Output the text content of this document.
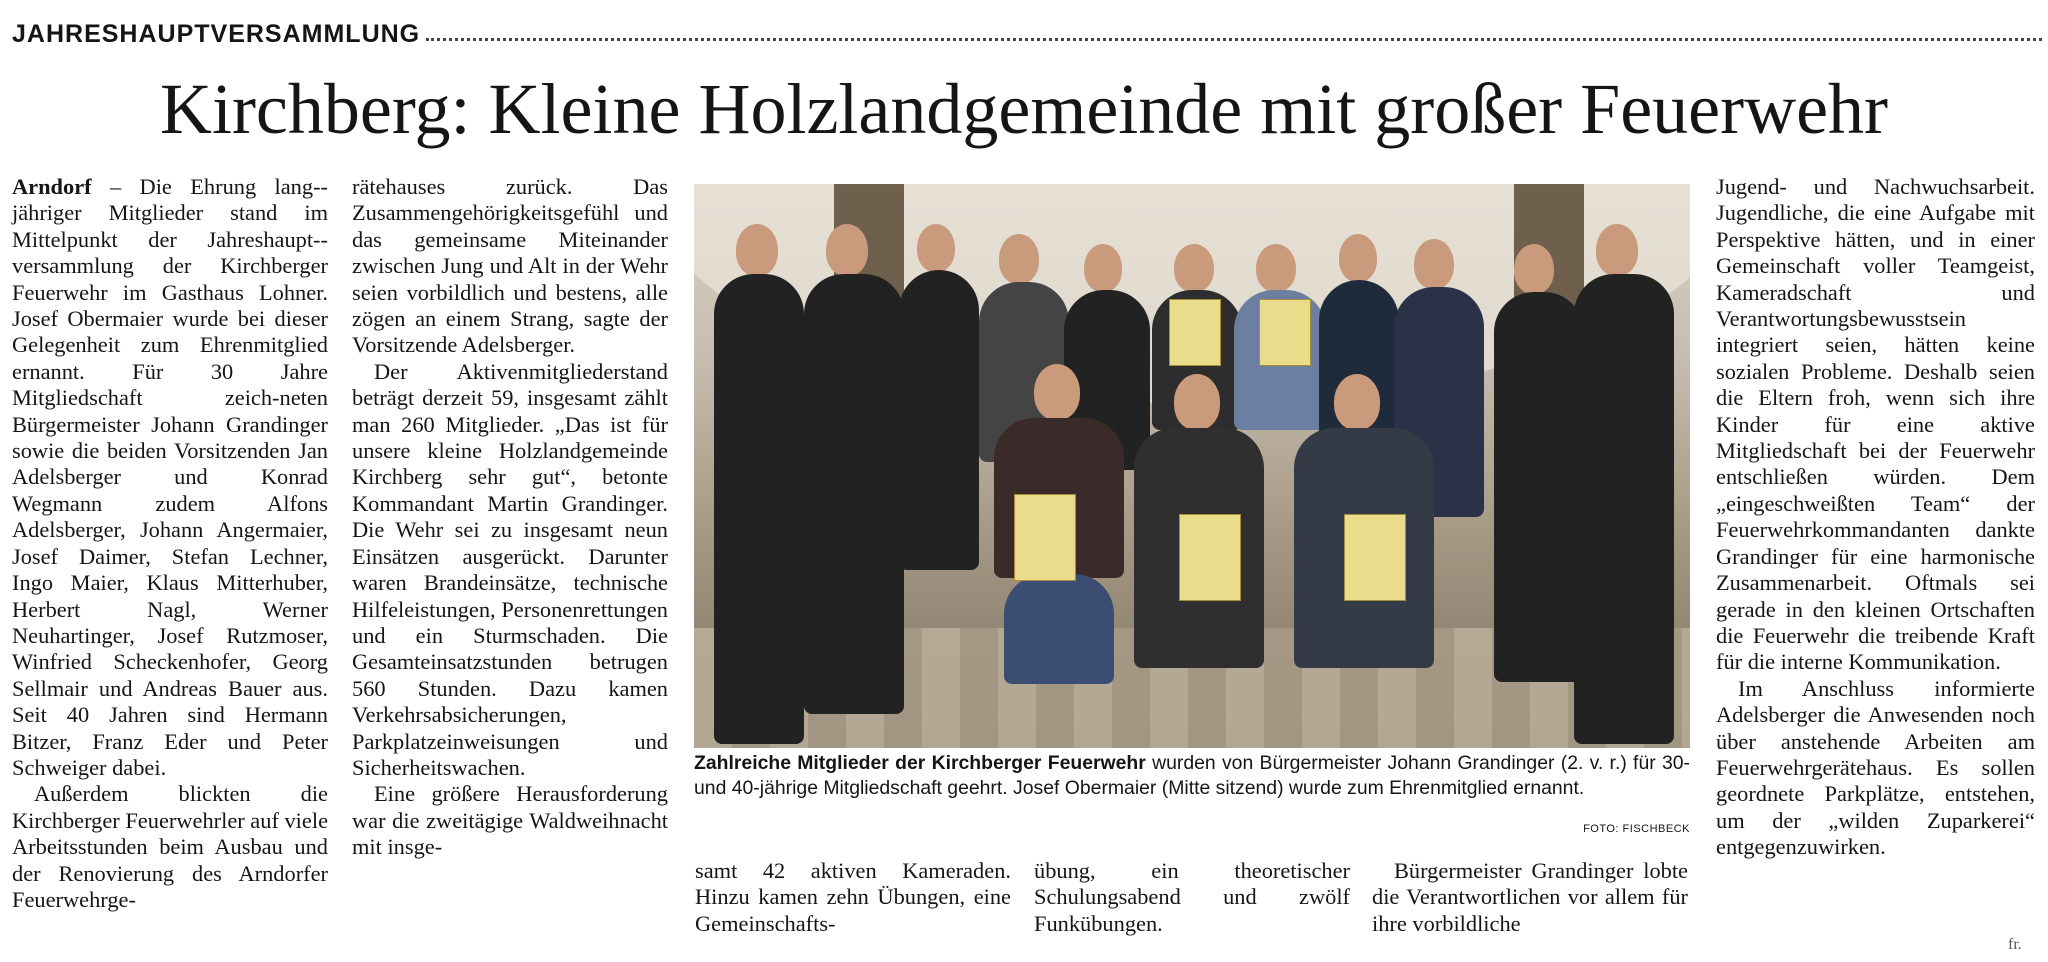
JAHRESHAUPTVERSAMMLUNG
Kirchberg: Kleine Holzlandgemeinde mit großer Feuerwehr

Arndorf – Die Ehrung lang-jähriger Mitglieder stand im Mittelpunkt der Jahreshaupt-versammlung der Kirchberger Feuerwehr im Gasthaus Lohner. Josef Obermaier wurde bei dieser Gelegenheit zum Ehrenmitglied ernannt. Für 30 Jahre Mitgliedschaft zeich-neten Bürgermeister Johann Grandinger sowie die beiden Vorsitzenden Jan Adelsberger und Konrad Wegmann zudem Alfons Adelsberger, Johann Angermaier, Josef Daimer, Stefan Lechner, Ingo Maier, Klaus Mitterhuber, Herbert Nagl, Werner Neuhartinger, Josef Rutzmoser, Winfried Scheckenhofer, Georg Sellmair und Andreas Bauer aus. Seit 40 Jahren sind Hermann Bitzer, Franz Eder und Peter Schweiger dabei.

Außerdem blickten die Kirchberger Feuerwehrler auf viele Arbeitsstunden beim Ausbau und der Renovierung des Arndorfer Feuerwehrge-

rätehauses zurück. Das Zusammengehörigkeitsgefühl und das gemeinsame Miteinander zwischen Jung und Alt in der Wehr seien vorbildlich und bestens, alle zögen an einem Strang, sagte der Vorsitzende Adelsberger.

Der Aktivenmitgliederstand beträgt derzeit 59, insgesamt zählt man 260 Mitglieder. „Das ist für unsere kleine Holzlandgemeinde Kirchberg sehr gut“, betonte Kommandant Martin Grandinger. Die Wehr sei zu insgesamt neun Einsätzen ausgerückt. Darunter waren Brandeinsätze, technische Hilfeleistungen, Personenrettungen und ein Sturmschaden. Die Gesamteinsatzstunden betrugen 560 Stunden. Dazu kamen Verkehrsabsicherungen, Parkplatzeinweisungen und Sicherheitswachen.

Eine größere Herausforderung war die zweitägige Waldweihnacht mit insge-

Zahlreiche Mitglieder der Kirchberger Feuerwehr wurden von Bürgermeister Johann Grandinger (2. v. r.) für 30- und 40-jährige Mitgliedschaft geehrt. Josef Obermaier (Mitte sitzend) wurde zum Ehrenmitglied ernannt.

FOTO: FISCHBECK

samt 42 aktiven Kameraden. Hinzu kamen zehn Übungen, eine Gemeinschafts-

übung, ein theoretischer Schulungsabend und zwölf Funkübungen.

Bürgermeister Grandinger lobte die Verantwortlichen vor allem für ihre vorbildliche

Jugend- und Nachwuchsarbeit. Jugendliche, die eine Aufgabe mit Perspektive hätten, und in einer Gemeinschaft voller Teamgeist, Kameradschaft und Verantwortungsbewusstsein integriert seien, hätten keine sozialen Probleme. Deshalb seien die Eltern froh, wenn sich ihre Kinder für eine aktive Mitgliedschaft bei der Feuerwehr entschließen würden. Dem „eingeschweißten Team“ der Feuerwehrkommandanten dankte Grandinger für eine harmonische Zusammenarbeit. Oftmals sei gerade in den kleinen Ortschaften die Feuerwehr die treibende Kraft für die interne Kommunikation.

Im Anschluss informierte Adelsberger die Anwesenden noch über anstehende Arbeiten am Feuerwehrgerätehaus. Es sollen geordnete Parkplätze, entstehen, um der „wilden Zuparkerei“ entgegenzuwirken.

fr.
